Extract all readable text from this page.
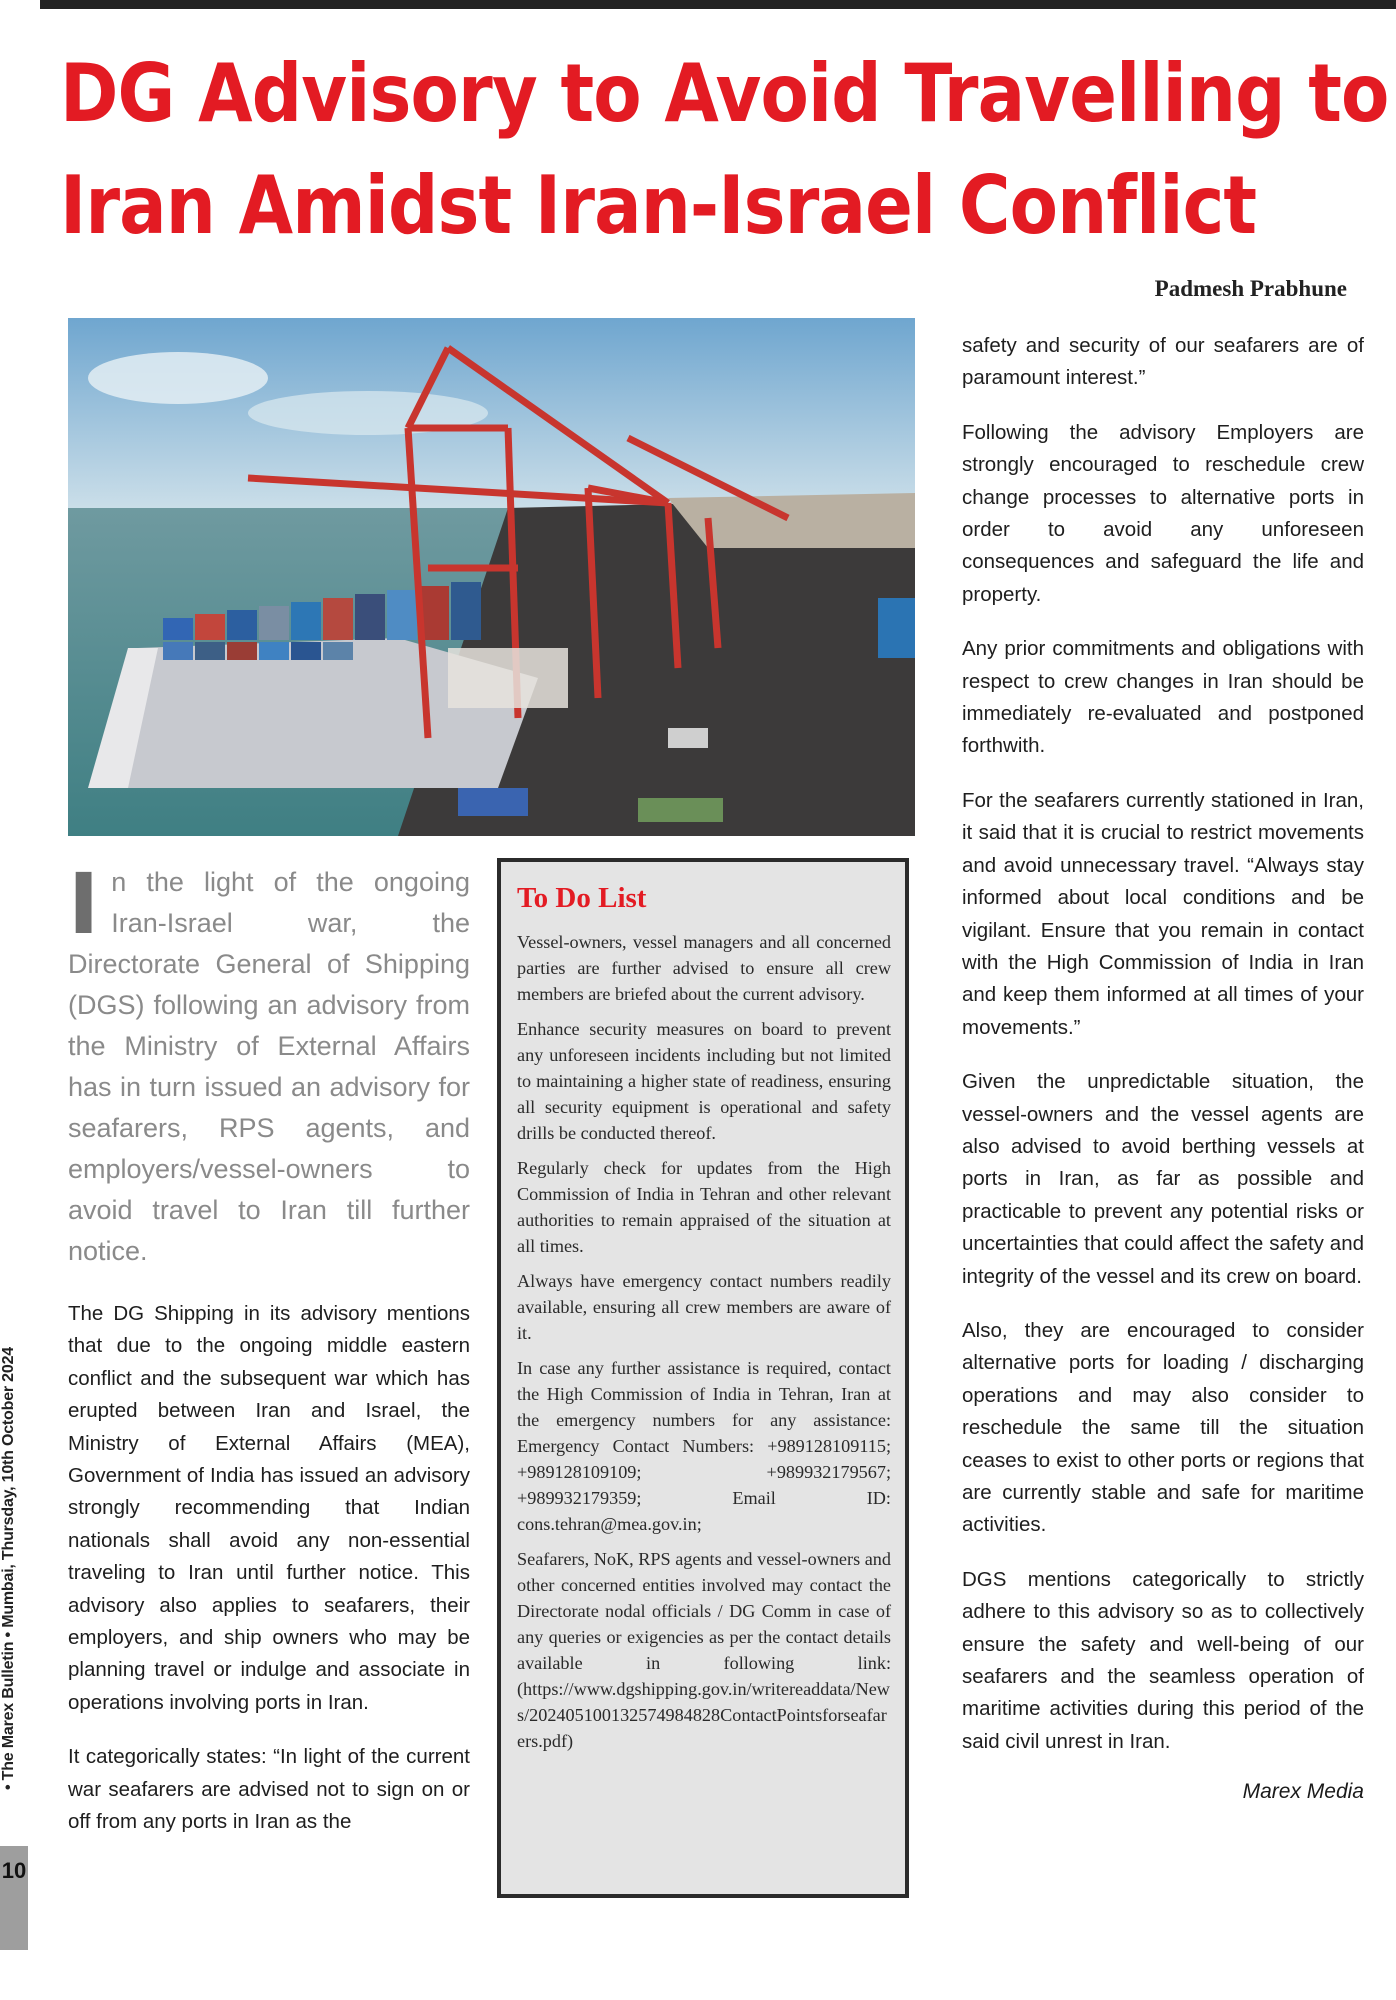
DG Advisory to Avoid Travelling to
Iran Amidst Iran-Israel Conflict
Padmesh Prabhune

I n the light of the ongoing Iran-Israel war, the Directorate General of Shipping (DGS) following an advisory from the Ministry of External Affairs has in turn issued an advisory for seafarers, RPS agents, and employers/vessel-owners to avoid travel to Iran till further notice.

The DG Shipping in its advisory mentions that due to the ongoing middle eastern conflict and the subsequent war which has erupted between Iran and Israel, the Ministry of External Affairs (MEA), Government of India has issued an advisory strongly recommending that Indian nationals shall avoid any non-essential traveling to Iran until further notice. This advisory also applies to seafarers, their employers, and ship owners who may be planning travel or indulge and associate in operations involving ports in Iran.

It categorically states: “In light of the current war seafarers are advised not to sign on or off from any ports in Iran as the

To Do List

Vessel-owners, vessel managers and all concerned parties are further advised to ensure all crew members are briefed about the current advisory.

Enhance security measures on board to prevent any unforeseen incidents including but not limited to maintaining a higher state of readiness, ensuring all security equipment is operational and safety drills be conducted thereof.

Regularly check for updates from the High Commission of India in Tehran and other relevant authorities to remain appraised of the situation at all times.

Always have emergency contact numbers readily available, ensuring all crew members are aware of it.

In case any further assistance is required, contact the High Commission of India in Tehran, Iran at the emergency numbers for any assistance: Emergency Contact Numbers: +989128109115; +989128109109; +989932179567; +989932179359; Email ID: cons.tehran@mea.gov.in;

Seafarers, NoK, RPS agents and vessel-owners and other concerned entities involved may contact the Directorate nodal officials / DG Comm in case of any queries or exigencies as per the contact details available in following link: (https://www.dgshipping.gov.in/writereaddata/News/202405100132574984828ContactPointsforseafarers.pdf)

safety and security of our seafarers are of paramount interest.”

Following the advisory Employers are strongly encouraged to reschedule crew change processes to alternative ports in order to avoid any unforeseen consequences and safeguard the life and property.

Any prior commitments and obligations with respect to crew changes in Iran should be immediately re-evaluated and postponed forthwith.

For the seafarers currently stationed in Iran, it said that it is crucial to restrict movements and avoid unnecessary travel. “Always stay informed about local conditions and be vigilant. Ensure that you remain in contact with the High Commission of India in Iran and keep them informed at all times of your movements.”

Given the unpredictable situation, the vessel-owners and the vessel agents are also advised to avoid berthing vessels at ports in Iran, as far as possible and practicable to prevent any potential risks or uncertainties that could affect the safety and integrity of the vessel and its crew on board.

Also, they are encouraged to consider alternative ports for loading / discharging operations and may also consider to reschedule the same till the situation ceases to exist to other ports or regions that are currently stable and safe for maritime activities.

DGS mentions categorically to strictly adhere to this advisory so as to collectively ensure the safety and well-being of our seafarers and the seamless operation of maritime activities during this period of the said civil unrest in Iran.

Marex Media
• The Marex Bulletin • Mumbai, Thursday, 10th October 2024
10
